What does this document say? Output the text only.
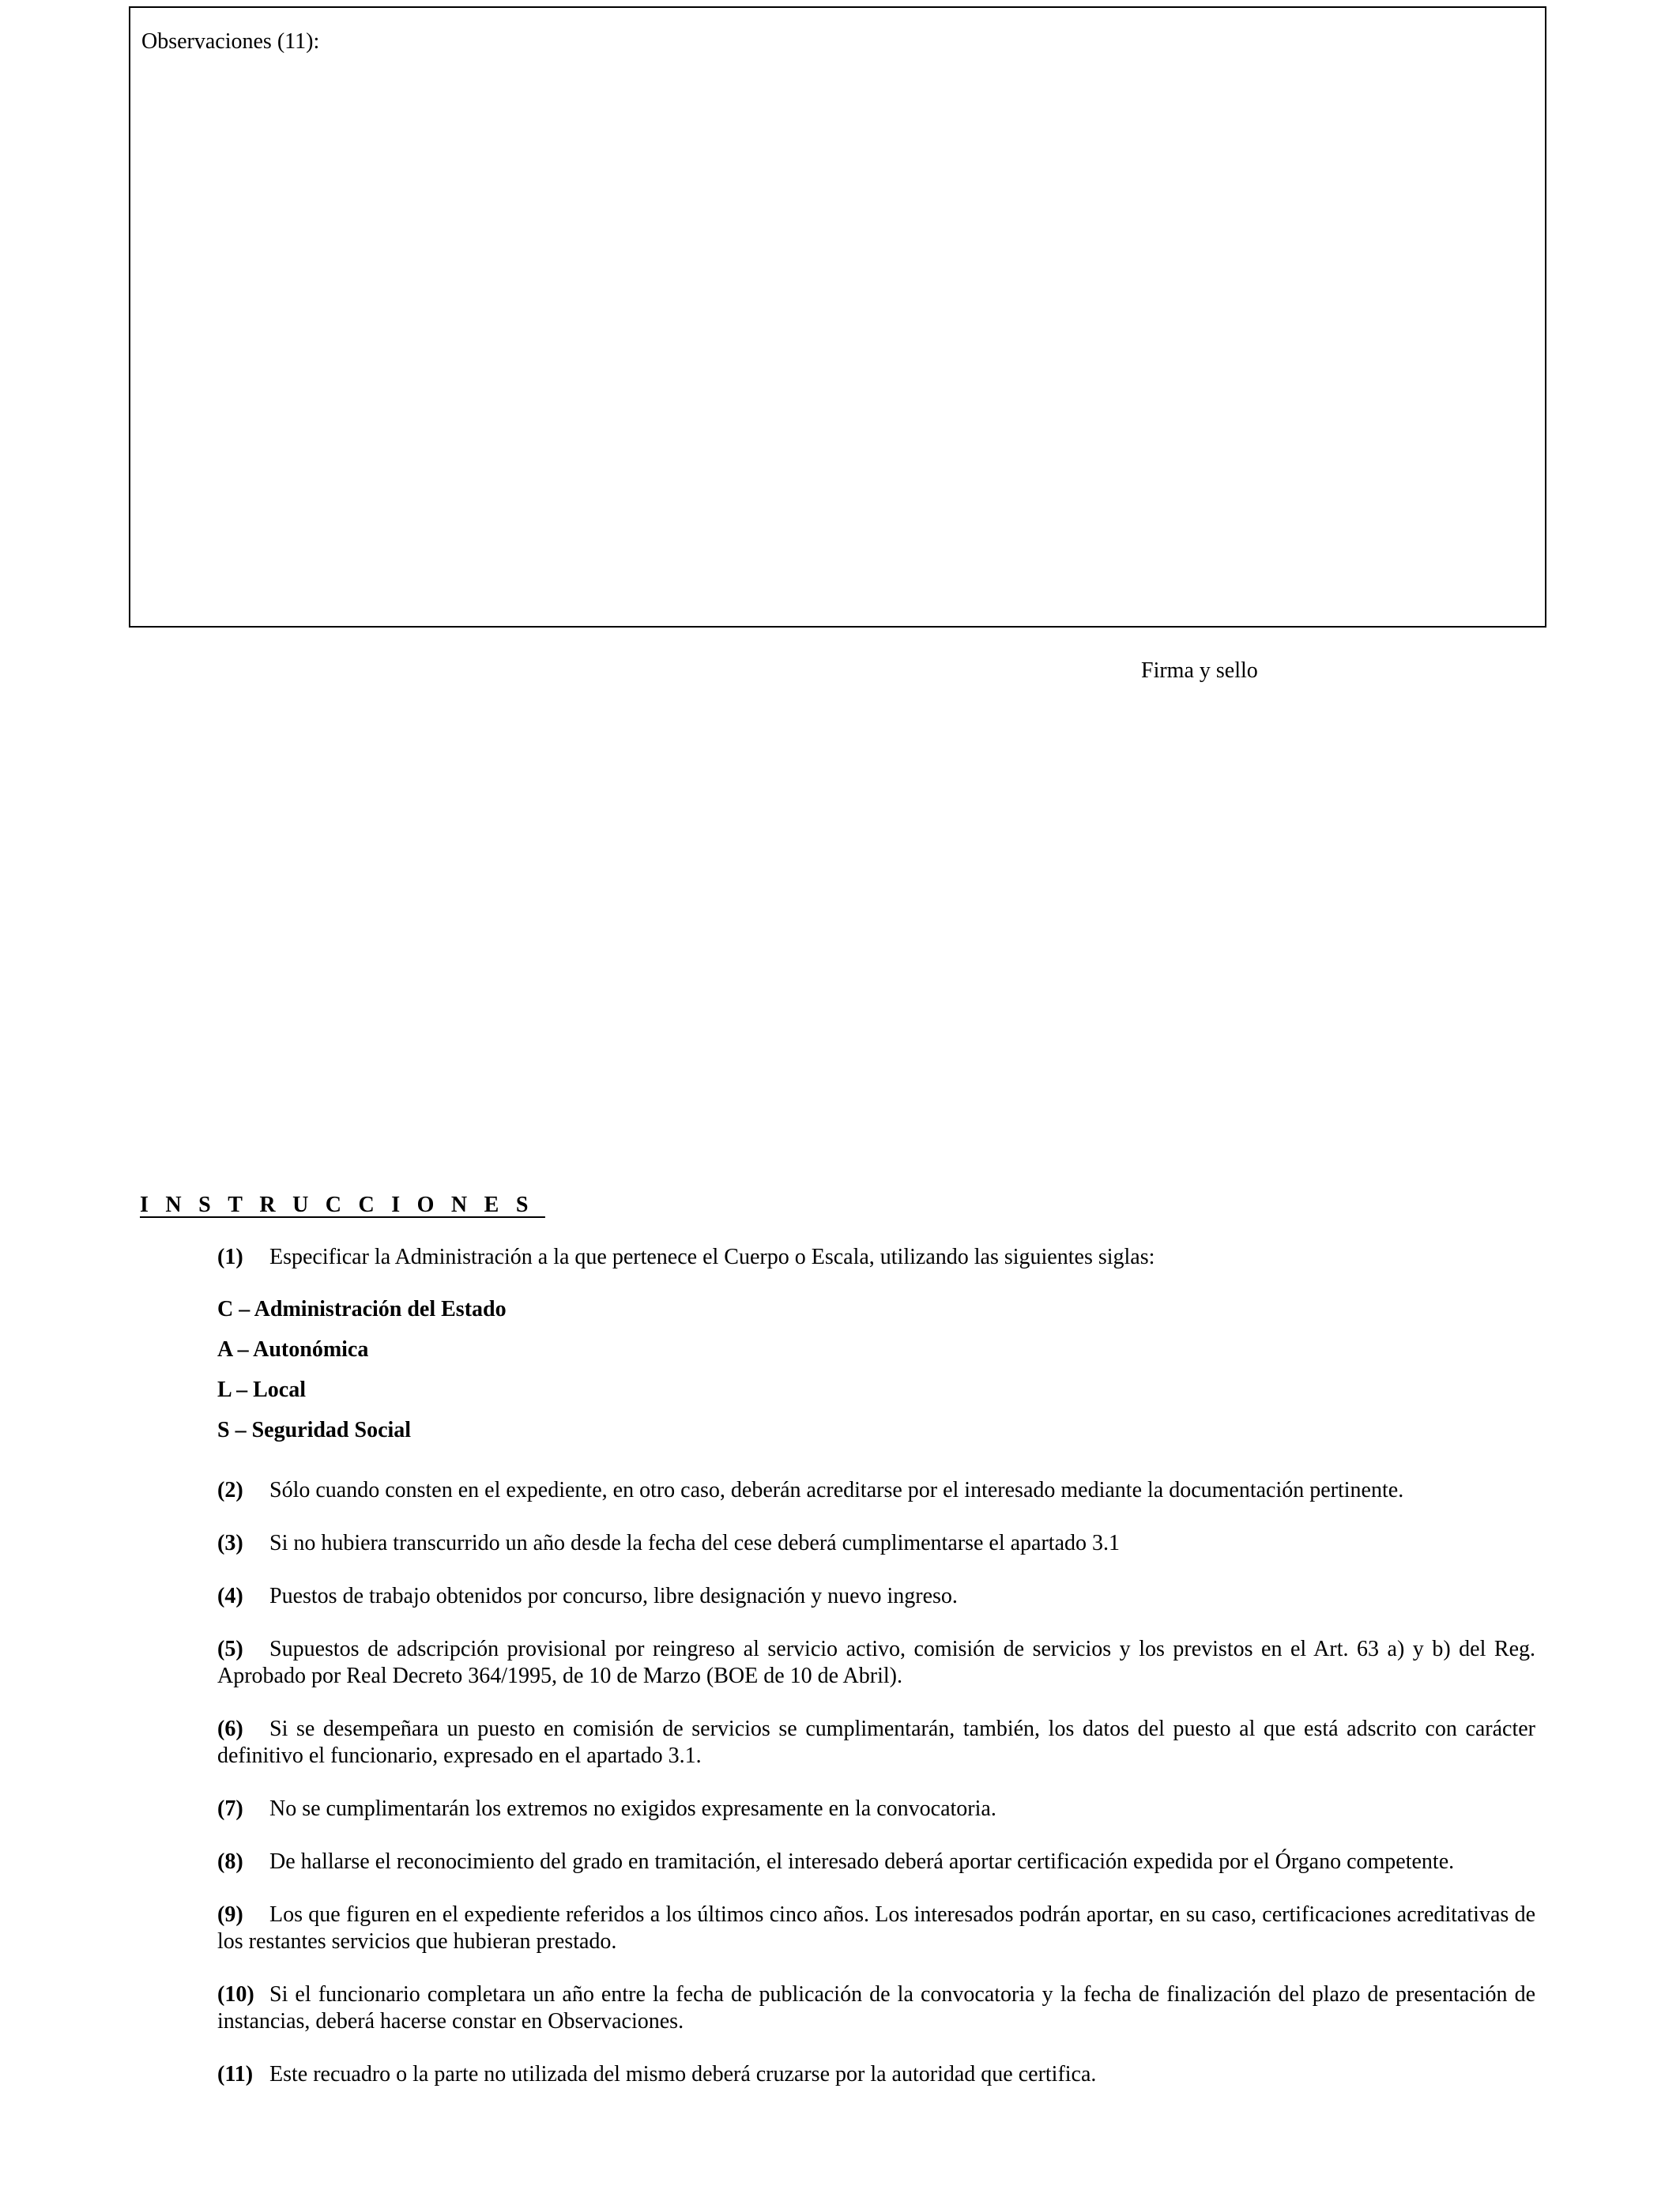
Observaciones (11):

Firma y sello
INSTRUCCIONES

(1) Especificar la Administración a la que pertenece el Cuerpo o Escala, utilizando las siguientes siglas:

C – Administración del Estado
A – Autonómica
L – Local
S – Seguridad Social

(2) Sólo cuando consten en el expediente, en otro caso, deberán acreditarse por el interesado mediante la documentación pertinente.

(3) Si no hubiera transcurrido un año desde la fecha del cese deberá cumplimentarse el apartado 3.1

(4) Puestos de trabajo obtenidos por concurso, libre designación y nuevo ingreso.

(5) Supuestos de adscripción provisional por reingreso al servicio activo, comisión de servicios y los previstos en el Art. 63 a) y b) del Reg. Aprobado por Real Decreto 364/1995, de 10 de Marzo (BOE de 10 de Abril).

(6) Si se desempeñara un puesto en comisión de servicios se cumplimentarán, también, los datos del puesto al que está adscrito con carácter definitivo el funcionario, expresado en el apartado 3.1.

(7) No se cumplimentarán los extremos no exigidos expresamente en la convocatoria.

(8) De hallarse el reconocimiento del grado en tramitación, el interesado deberá aportar certificación expedida por el Órgano competente.

(9) Los que figuren en el expediente referidos a los últimos cinco años. Los interesados podrán aportar, en su caso, certificaciones acreditativas de los restantes servicios que hubieran prestado.

(10) Si el funcionario completara un año entre la fecha de publicación de la convocatoria y la fecha de finalización del plazo de presentación de instancias, deberá hacerse constar en Observaciones.

(11) Este recuadro o la parte no utilizada del mismo deberá cruzarse por la autoridad que certifica.
